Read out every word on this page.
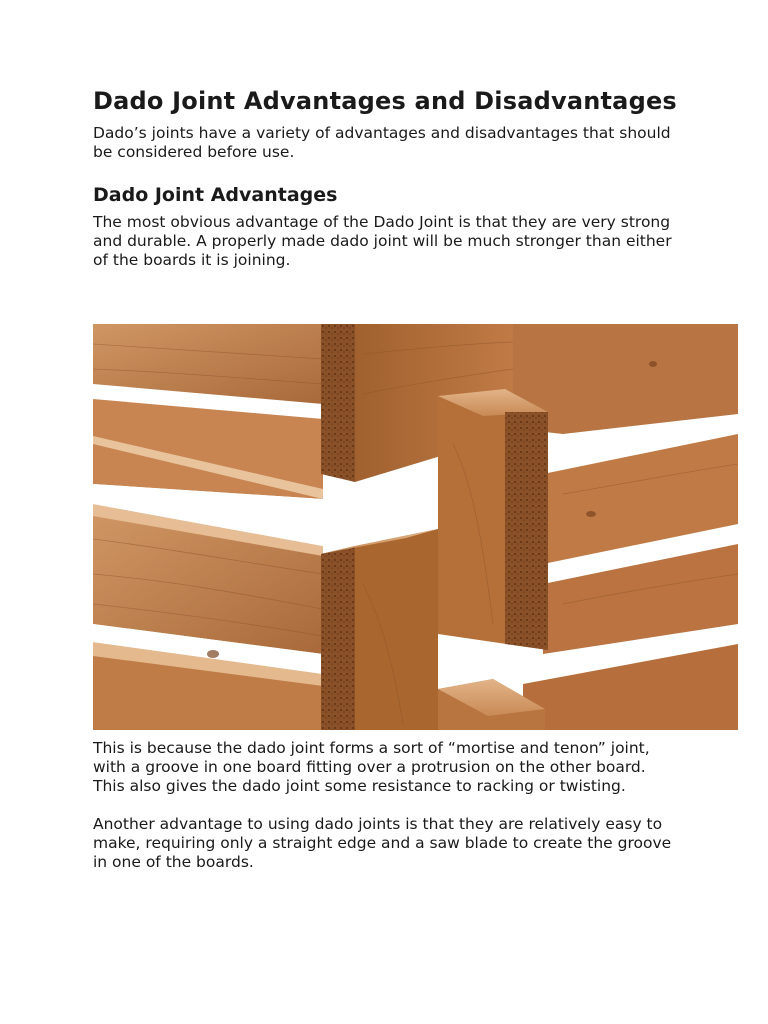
Dado Joint Advantages and Disadvantages

Dado’s joints have a variety of advantages and disadvantages that should be considered before use.

Dado Joint Advantages

The most obvious advantage of the Dado Joint is that they are very strong and durable. A properly made dado joint will be much stronger than either of the boards it is joining.

This is because the dado joint forms a sort of “mortise and tenon” joint, with a groove in one board fitting over a protrusion on the other board. This also gives the dado joint some resistance to racking or twisting.

Another advantage to using dado joints is that they are relatively easy to make, requiring only a straight edge and a saw blade to create the groove in one of the boards.
